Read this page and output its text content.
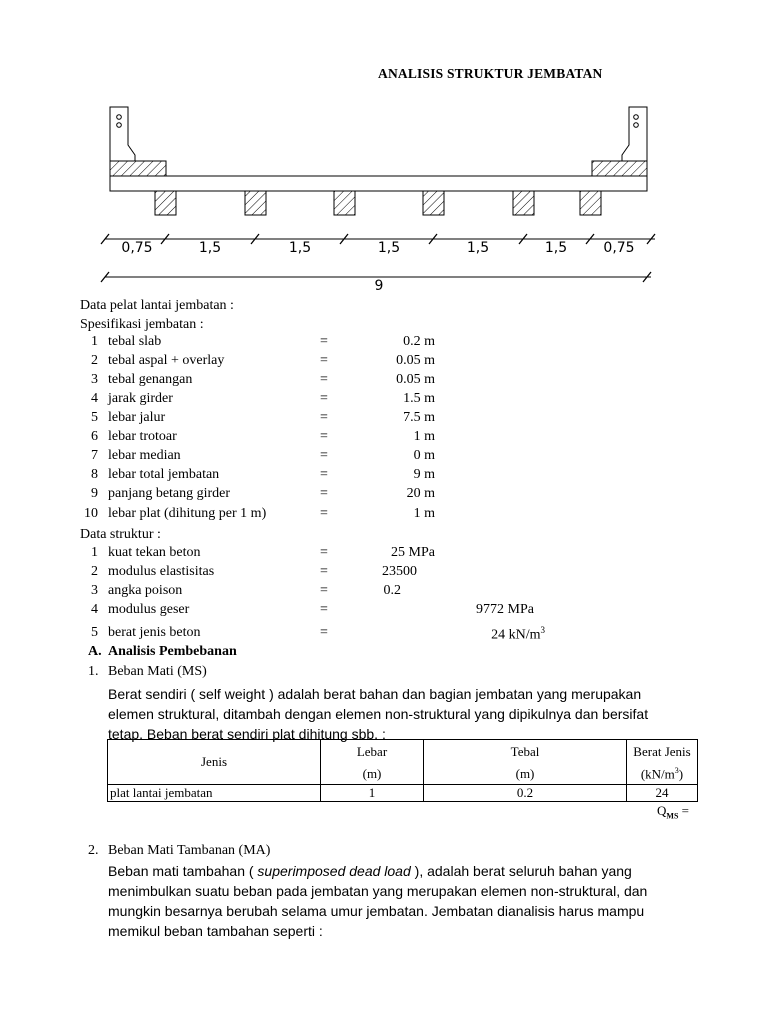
ANALISIS STRUKTUR JEMBATAN
0,75	1,5	1,5	1,5	1,5	1,5	0,75
9
Data pelat lantai jembatan :
Spesifikasi jembatan :
1 tebal slab	=	0.2 m
2 tebal aspal + overlay	=	0.05 m
3 tebal genangan	=	0.05 m
4 jarak girder	=	1.5 m
5 lebar jalur	=	7.5 m
6 lebar trotoar	=	1 m
7 lebar median	=	0 m
8 lebar total jembatan	=	9 m
9 panjang betang girder	=	20 m
10 lebar plat (dihitung per 1 m)	=	1 m
Data struktur :
1 kuat tekan beton	=	25 MPa
2 modulus elastisitas	=	23500
3 angka poison	=	0.2
4 modulus geser	=	9772 MPa
5 berat jenis beton	=	24 $kN/m^3$
A. Analisis Pembebanan
1. Beban Mati (MS)
Berat sendiri ( self weight ) adalah berat bahan dan bagian jembatan yang merupakan
elemen struktural, ditambah dengan elemen non-struktural yang dipikulnya dan bersifat
tetap. Beban berat sendiri plat dihitung sbb. :
Jenis	Lebar	Tebal	Berat Jenis
	(m)	(m)	$(kN/m^3)$
plat lantai jembatan	1	0.2	24
$Q_{MS}$ =
2. Beban Mati Tambanan (MA)
Beban mati tambahan ( superimposed dead load ), adalah berat seluruh bahan yang
menimbulkan suatu beban pada jembatan yang merupakan elemen non-struktural, dan
mungkin besarnya berubah selama umur jembatan. Jembatan dianalisis harus mampu
memikul beban tambahan seperti :
